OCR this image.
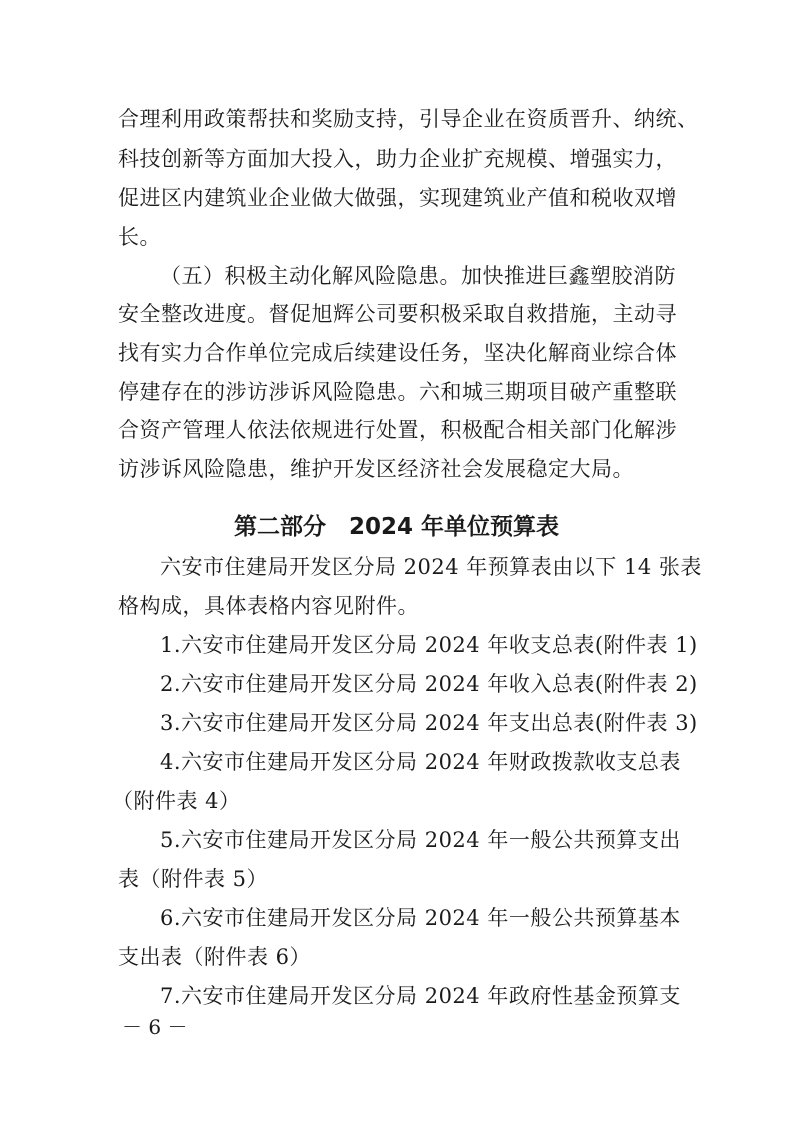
合理利用政策帮扶和奖励支持，引导企业在资质晋升、纳统、
科技创新等方面加大投入，助力企业扩充规模、增强实力，
促进区内建筑业企业做大做强，实现建筑业产值和税收双增
长。
（五）积极主动化解风险隐患。加快推进巨鑫塑胶消防
安全整改进度。督促旭辉公司要积极采取自救措施，主动寻
找有实力合作单位完成后续建设任务，坚决化解商业综合体
停建存在的涉访涉诉风险隐患。六和城三期项目破产重整联
合资产管理人依法依规进行处置，积极配合相关部门化解涉
访涉诉风险隐患，维护开发区经济社会发展稳定大局。
第二部分　2024 年单位预算表
六安市住建局开发区分局 2024 年预算表由以下 14 张表
格构成，具体表格内容见附件。
1.六安市住建局开发区分局 2024 年收支总表(附件表 1)
2.六安市住建局开发区分局 2024 年收入总表(附件表 2)
3.六安市住建局开发区分局 2024 年支出总表(附件表 3)
4.六安市住建局开发区分局 2024 年财政拨款收支总表
（附件表 4）
5.六安市住建局开发区分局 2024 年一般公共预算支出
表（附件表 5）
6.六安市住建局开发区分局 2024 年一般公共预算基本
支出表（附件表 6）
7.六安市住建局开发区分局 2024 年政府性基金预算支
－ 6 －
